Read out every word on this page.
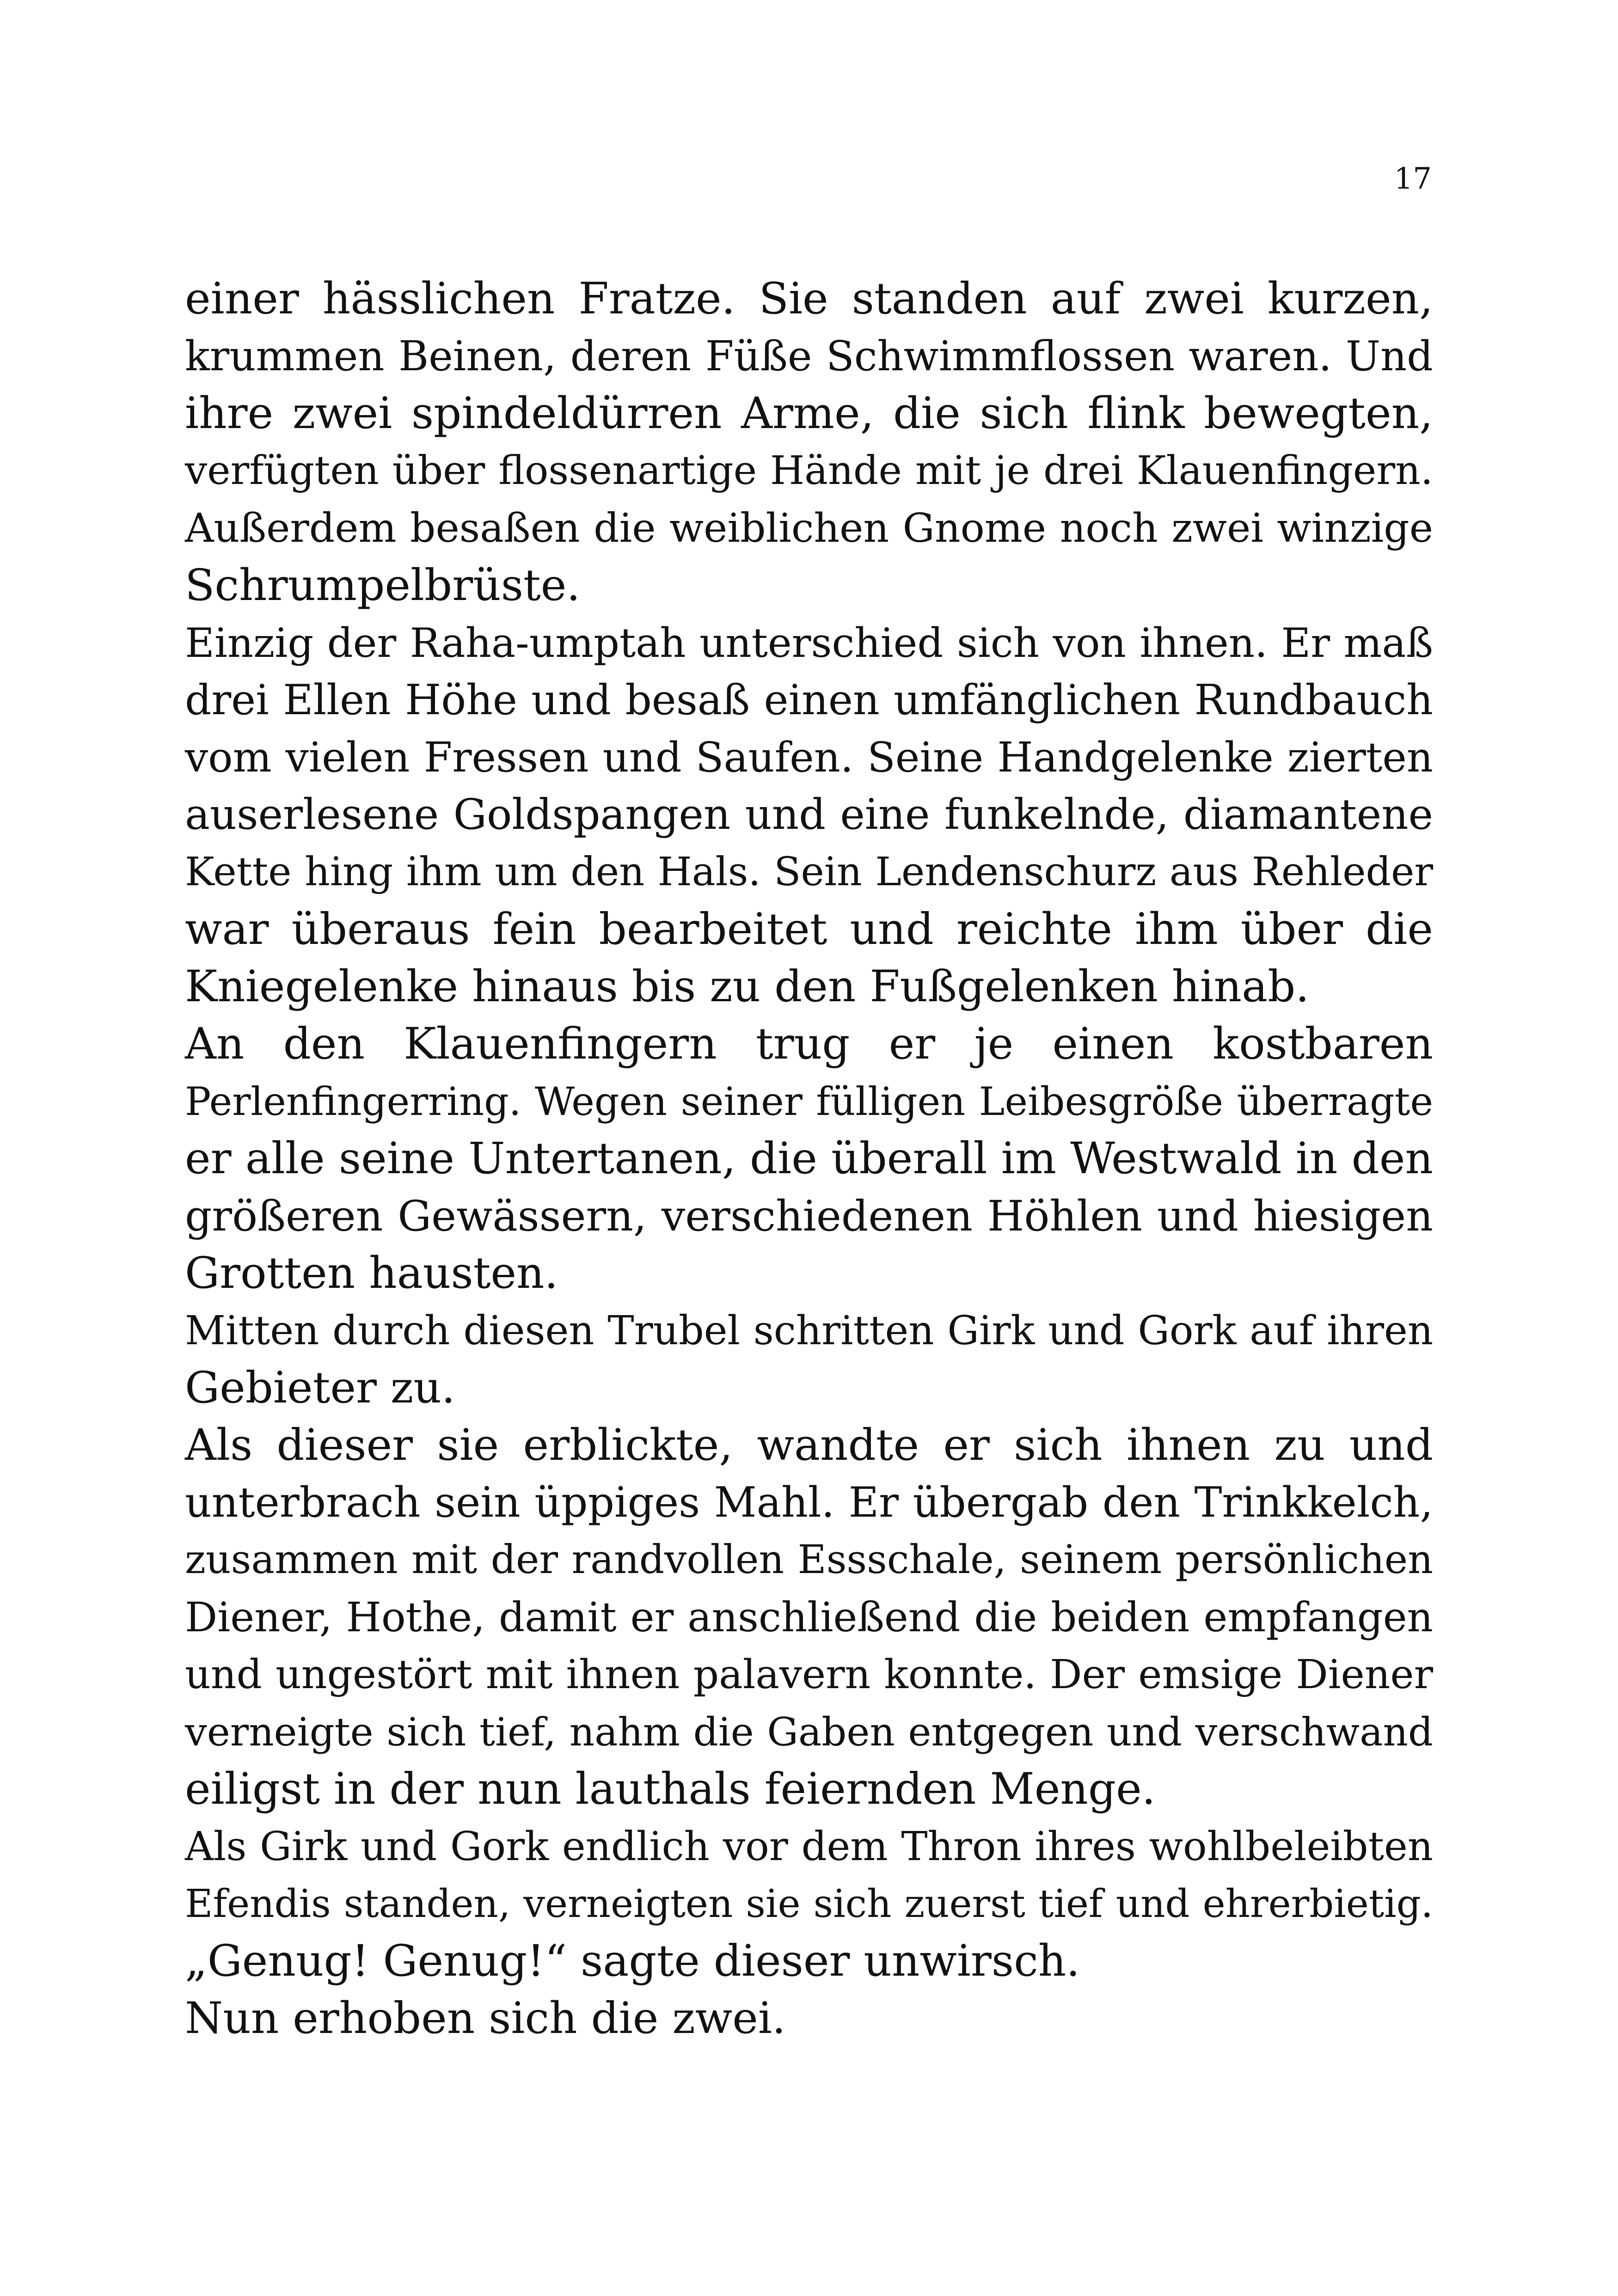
17
einer hässlichen Fratze. Sie standen auf zwei kurzen,
krummen Beinen, deren Füße Schwimmflossen waren. Und
ihre zwei spindeldürren Arme, die sich flink bewegten,
verfügten über flossenartige Hände mit je drei Klauenfingern.
Außerdem besaßen die weiblichen Gnome noch zwei winzige
Schrumpelbrüste.
Einzig der Raha-umptah unterschied sich von ihnen. Er maß
drei Ellen Höhe und besaß einen umfänglichen Rundbauch
vom vielen Fressen und Saufen. Seine Handgelenke zierten
auserlesene Goldspangen und eine funkelnde, diamantene
Kette hing ihm um den Hals. Sein Lendenschurz aus Rehleder
war überaus fein bearbeitet und reichte ihm über die
Kniegelenke hinaus bis zu den Fußgelenken hinab.
An den Klauenfingern trug er je einen kostbaren
Perlenfingerring. Wegen seiner fülligen Leibesgröße überragte
er alle seine Untertanen, die überall im Westwald in den
größeren Gewässern, verschiedenen Höhlen und hiesigen
Grotten hausten.
Mitten durch diesen Trubel schritten Girk und Gork auf ihren
Gebieter zu.
Als dieser sie erblickte, wandte er sich ihnen zu und
unterbrach sein üppiges Mahl. Er übergab den Trinkkelch,
zusammen mit der randvollen Essschale, seinem persönlichen
Diener, Hothe, damit er anschließend die beiden empfangen
und ungestört mit ihnen palavern konnte. Der emsige Diener
verneigte sich tief, nahm die Gaben entgegen und verschwand
eiligst in der nun lauthals feiernden Menge.
Als Girk und Gork endlich vor dem Thron ihres wohlbeleibten
Efendis standen, verneigten sie sich zuerst tief und ehrerbietig.
„Genug! Genug!“ sagte dieser unwirsch.
Nun erhoben sich die zwei.
